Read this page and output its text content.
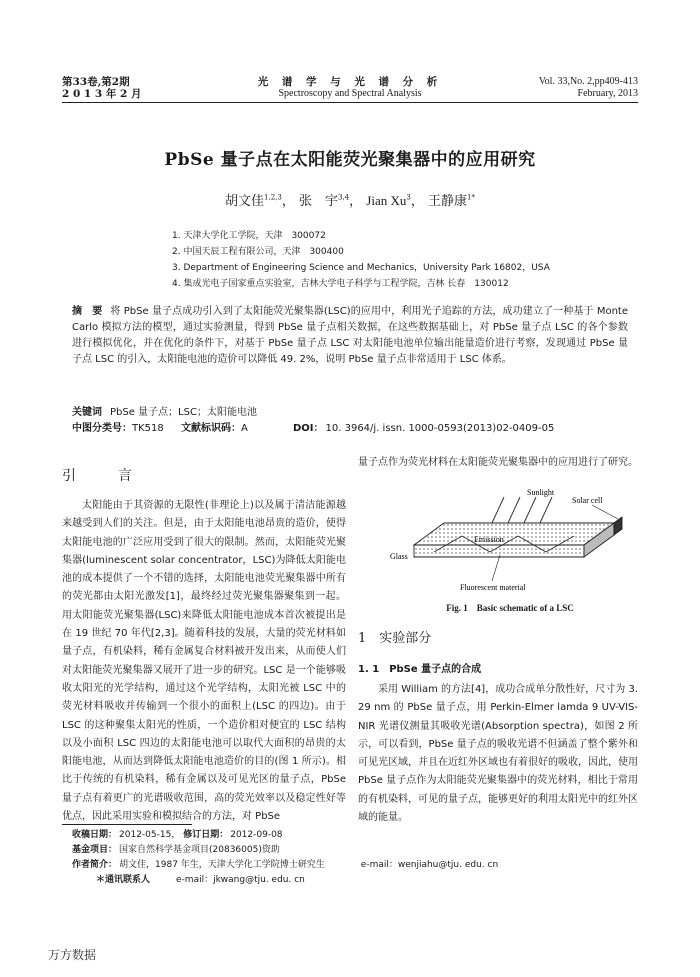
第33卷,第2期
2 0 1 3 年 2 月
光 谱 学 与 光 谱 分 析
Spectroscopy and Spectral Analysis
Vol. 33,No. 2,pp409-413
February, 2013
PbSe 量子点在太阳能荧光聚集器中的应用研究
胡文佳$^{1,2,3}$， 张　宇$^{3,4}$， Jian Xu$^3$， 王静康$^{1*}$
1. 天津大学化工学院，天津　300072
2. 中国天辰工程有限公司，天津　300400
3. Department of Engineering Science and Mechanics，University Park 16802，USA
4. 集成光电子国家重点实验室，吉林大学电子科学与工程学院，吉林 长春　130012
摘　要 将 PbSe 量子点成功引入到了太阳能荧光聚集器(LSC)的应用中，利用光子追踪的方法，成功建立了一种基于 Monte Carlo 模拟方法的模型，通过实验测量，得到 PbSe 量子点相关数据，在这些数据基础上，对 PbSe 量子点 LSC 的各个参数进行模拟优化，并在优化的条件下，对基于 PbSe 量子点 LSC 对太阳能电池单位输出能量造价进行考察，发现通过 PbSe 量子点 LSC 的引入，太阳能电池的造价可以降低 49. 2%，说明 PbSe 量子点非常适用于 LSC 体系。
关键词 PbSe 量子点；LSC；太阳能电池
中图分类号：TK518 文献标识码：A	DOI： 10. 3964/j. issn. 1000-0593(2013)02-0409-05
引　言
太阳能由于其资源的无限性(非理论上)以及属于清洁能源越来越受到人们的关注。但是，由于太阳能电池昂贵的造价，使得太阳能电池的广泛应用受到了很大的限制。然而，太阳能荧光聚集器(luminescent solar concentrator，LSC)为降低太阳能电池的成本提供了一个不错的选择，太阳能电池荧光聚集器中所有的荧光都由太阳光激发[1]，最终经过荧光聚集器聚集到一起。用太阳能荧光聚集器(LSC)来降低太阳能电池成本首次被提出是在 19 世纪 70 年代[2,3]。随着科技的发展，大量的荧光材料如量子点，有机染料，稀有金属复合材料被开发出来，从而使人们对太阳能荧光聚集器又展开了进一步的研究。LSC 是一个能够吸收太阳光的光学结构，通过这个光学结构，太阳光被 LSC 中的荧光材料吸收并传输到一个很小的面积上(LSC 的四边)。由于 LSC 的这种聚集太阳光的性质，一个造价相对便宜的 LSC 结构以及小面积 LSC 四边的太阳能电池可以取代大面积的昂贵的太阳能电池，从而达到降低太阳能电池造价的目的(图 1 所示)。相比于传统的有机染料，稀有金属以及可见光区的量子点，PbSe 量子点有着更广的光谱吸收范围，高的荧光效率以及稳定性好等优点，因此采用实验和模拟结合的方法，对 PbSe
量子点作为荧光材料在太阳能荧光聚集器中的应用进行了研究。
Sunlight
Solar cell
Emission
Glass
Fluorescent material
Fig. 1　Basic schematic of a LSC
1　实验部分
1. 1　PbSe 量子点的合成
采用 William 的方法[4]，成功合成单分散性好，尺寸为 3. 29 nm 的 PbSe 量子点，用 Perkin-Elmer lamda 9 UV-VIS-NIR 光谱仪测量其吸收光谱(Absorption spectra)，如图 2 所示，可以看到，PbSe 量子点的吸收光谱不但涵盖了整个紫外和可见光区域，并且在近红外区域也有着很好的吸收，因此，使用 PbSe 量子点作为太阳能荧光聚集器中的荧光材料，相比于常用的有机染料，可见的量子点，能够更好的利用太阳光中的红外区域的能量。
收稿日期： 2012-05-15， 修订日期： 2012-09-08
基金项目： 国家自然科学基金项目(20836005)资助
作者简介： 胡文佳，1987 年生，天津大学化工学院博士研究生	e-mail：wenjiahu@tju. edu. cn
＊通讯联系人	e-mail：jkwang@tju. edu. cn
万方数据
